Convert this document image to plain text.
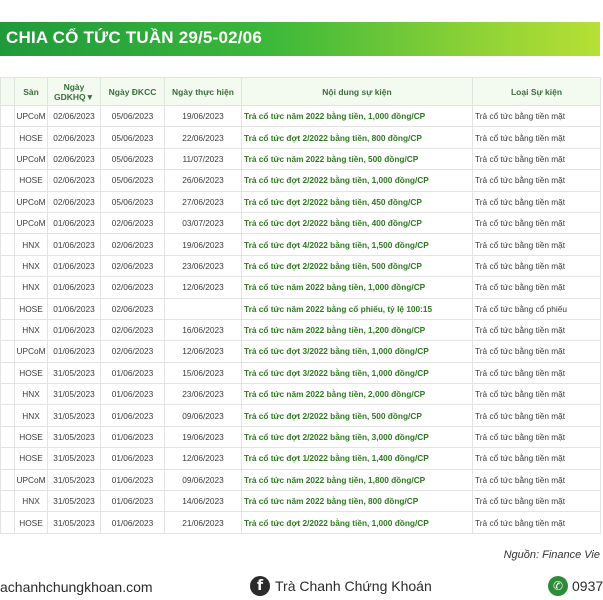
CHIA CỔ TỨC TUẦN 29/5-02/06
	Sàn	Ngày GDKHQ▼	Ngày ĐKCC	Ngày thực hiện	Nội dung sự kiện	Loại Sự kiện
	UPCoM	02/06/2023	05/06/2023	19/06/2023	Trả cổ tức năm 2022 bằng tiền, 1,000 đồng/CP	Trả cổ tức bằng tiền mặt
	HOSE	02/06/2023	05/06/2023	22/06/2023	Trả cổ tức đợt 2/2022 bằng tiền, 800 đồng/CP	Trả cổ tức bằng tiền mặt
	UPCoM	02/06/2023	05/06/2023	11/07/2023	Trả cổ tức năm 2022 bằng tiền, 500 đồng/CP	Trả cổ tức bằng tiền mặt
	HOSE	02/06/2023	05/06/2023	26/06/2023	Trả cổ tức đợt 2/2022 bằng tiền, 1,000 đồng/CP	Trả cổ tức bằng tiền mặt
	UPCoM	02/06/2023	05/06/2023	27/06/2023	Trả cổ tức đợt 2/2022 bằng tiền, 450 đồng/CP	Trả cổ tức bằng tiền mặt
	UPCoM	01/06/2023	02/06/2023	03/07/2023	Trả cổ tức đợt 2/2022 bằng tiền, 400 đồng/CP	Trả cổ tức bằng tiền mặt
	HNX	01/06/2023	02/06/2023	19/06/2023	Trả cổ tức đợt 4/2022 bằng tiền, 1,500 đồng/CP	Trả cổ tức bằng tiền mặt
	HNX	01/06/2023	02/06/2023	23/06/2023	Trả cổ tức đợt 2/2022 bằng tiền, 500 đồng/CP	Trả cổ tức bằng tiền mặt
	HNX	01/06/2023	02/06/2023	12/06/2023	Trả cổ tức năm 2022 bằng tiền, 1,000 đồng/CP	Trả cổ tức bằng tiền mặt
	HOSE	01/06/2023	02/06/2023		Trả cổ tức năm 2022 bằng cổ phiếu, tỷ lệ 100:15	Trả cổ tức bằng cổ phiếu
	HNX	01/06/2023	02/06/2023	16/06/2023	Trả cổ tức năm 2022 bằng tiền, 1,200 đồng/CP	Trả cổ tức bằng tiền mặt
	UPCoM	01/06/2023	02/06/2023	12/06/2023	Trả cổ tức đợt 3/2022 bằng tiền, 1,000 đồng/CP	Trả cổ tức bằng tiền mặt
	HOSE	31/05/2023	01/06/2023	15/06/2023	Trả cổ tức đợt 3/2022 bằng tiền, 1,000 đồng/CP	Trả cổ tức bằng tiền mặt
	HNX	31/05/2023	01/06/2023	23/06/2023	Trả cổ tức năm 2022 bằng tiền, 2,000 đồng/CP	Trả cổ tức bằng tiền mặt
	HNX	31/05/2023	01/06/2023	09/06/2023	Trả cổ tức đợt 2/2022 bằng tiền, 500 đồng/CP	Trả cổ tức bằng tiền mặt
	HOSE	31/05/2023	01/06/2023	19/06/2023	Trả cổ tức đợt 2/2022 bằng tiền, 3,000 đồng/CP	Trả cổ tức bằng tiền mặt
	HOSE	31/05/2023	01/06/2023	12/06/2023	Trả cổ tức đợt 1/2022 bằng tiền, 1,400 đồng/CP	Trả cổ tức bằng tiền mặt
	UPCoM	31/05/2023	01/06/2023	09/06/2023	Trả cổ tức năm 2022 bằng tiền, 1,800 đồng/CP	Trả cổ tức bằng tiền mặt
	HNX	31/05/2023	01/06/2023	14/06/2023	Trả cổ tức năm 2022 bằng tiền, 800 đồng/CP	Trả cổ tức bằng tiền mặt
	HOSE	31/05/2023	01/06/2023	21/06/2023	Trả cổ tức đợt 2/2022 bằng tiền, 1,000 đồng/CP	Trả cổ tức bằng tiền mặt
Nguồn: Finance Vie
achanhchungkhoan.com	f Trà Chanh Chứng Khoán	✆ 0937
